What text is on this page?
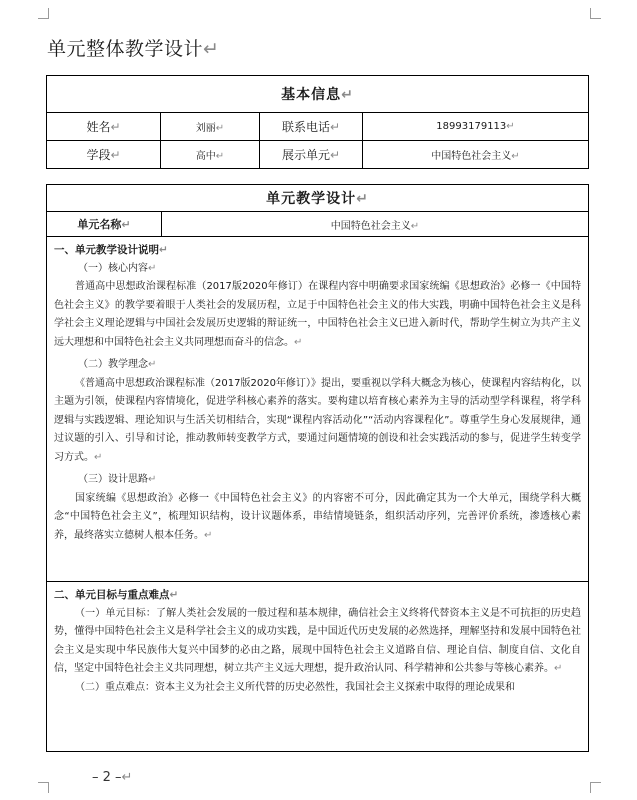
单元整体教学设计↵
基本信息↵			
姓名↵	刘丽↵	联系电话↵	18993179113↵
学段↵	高中↵	展示单元↵	中国特色社会主义↵
单元教学设计↵
单元名称↵	中国特色社会主义↵

一、单元教学设计说明↵

（一）核心内容↵

普通高中思想政治课程标准（2017版2020年修订）在课程内容中明确要求国家统编《思想政治》必修一《中国特色社会主义》的教学要着眼于人类社会的发展历程，立足于中国特色社会主义的伟大实践，明确中国特色社会主义是科学社会主义理论逻辑与中国社会发展历史逻辑的辩证统一，中国特色社会主义已进入新时代，帮助学生树立为共产主义远大理想和中国特色社会主义共同理想而奋斗的信念。↵

（二）教学理念↵

《普通高中思想政治课程标准（2017版2020年修订）》提出，要重视以学科大概念为核心，使课程内容结构化，以主题为引领，使课程内容情境化，促进学科核心素养的落实。要构建以培育核心素养为主导的活动型学科课程，将学科逻辑与实践逻辑、理论知识与生活关切相结合，实现“课程内容活动化”“活动内容课程化”。尊重学生身心发展规律，通过议题的引入、引导和讨论，推动教师转变教学方式，要通过问题情境的创设和社会实践活动的参与，促进学生转变学习方式。↵

（三）设计思路↵

国家统编《思想政治》必修一《中国特色社会主义》的内容密不可分，因此确定其为一个大单元，围绕学科大概念“中国特色社会主义”，梳理知识结构，设计议题体系，串结情境链条，组织活动序列，完善评价系统，渗透核心素养，最终落实立德树人根本任务。↵

二、单元目标与重点难点↵

（一）单元目标：了解人类社会发展的一般过程和基本规律，确信社会主义终将代替资本主义是不可抗拒的历史趋势，懂得中国特色社会主义是科学社会主义的成功实践，是中国近代历史发展的必然选择，理解坚持和发展中国特色社会主义是实现中华民族伟大复兴中国梦的必由之路，展现中国特色社会主义道路自信、理论自信、制度自信、文化自信，坚定中国特色社会主义共同理想，树立共产主义远大理想，提升政治认同、科学精神和公共参与等核心素养。↵

（二）重点难点：资本主义为社会主义所代替的历史必然性，我国社会主义探索中取得的理论成果和

– 2 –↵
